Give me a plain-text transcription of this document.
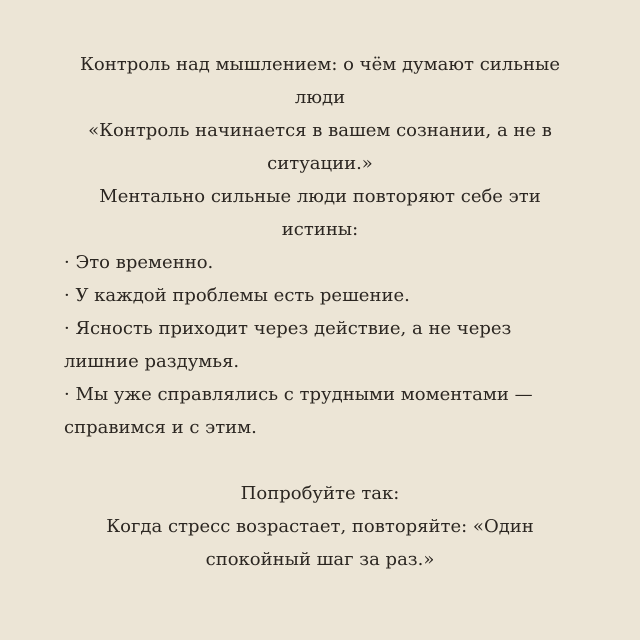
Контроль над мышлением: о чём думают сильные люди
«Контроль начинается в вашем сознании, а не в ситуации.»
Ментально сильные люди повторяют себе эти истины:
· Это временно.
· У каждой проблемы есть решение.
· Ясность приходит через действие, а не через лишние раздумья.
· Мы уже справлялись с трудными моментами — справимся и с этим.
Попробуйте так:
Когда стресс возрастает, повторяйте: «Один спокойный шаг за раз.»
